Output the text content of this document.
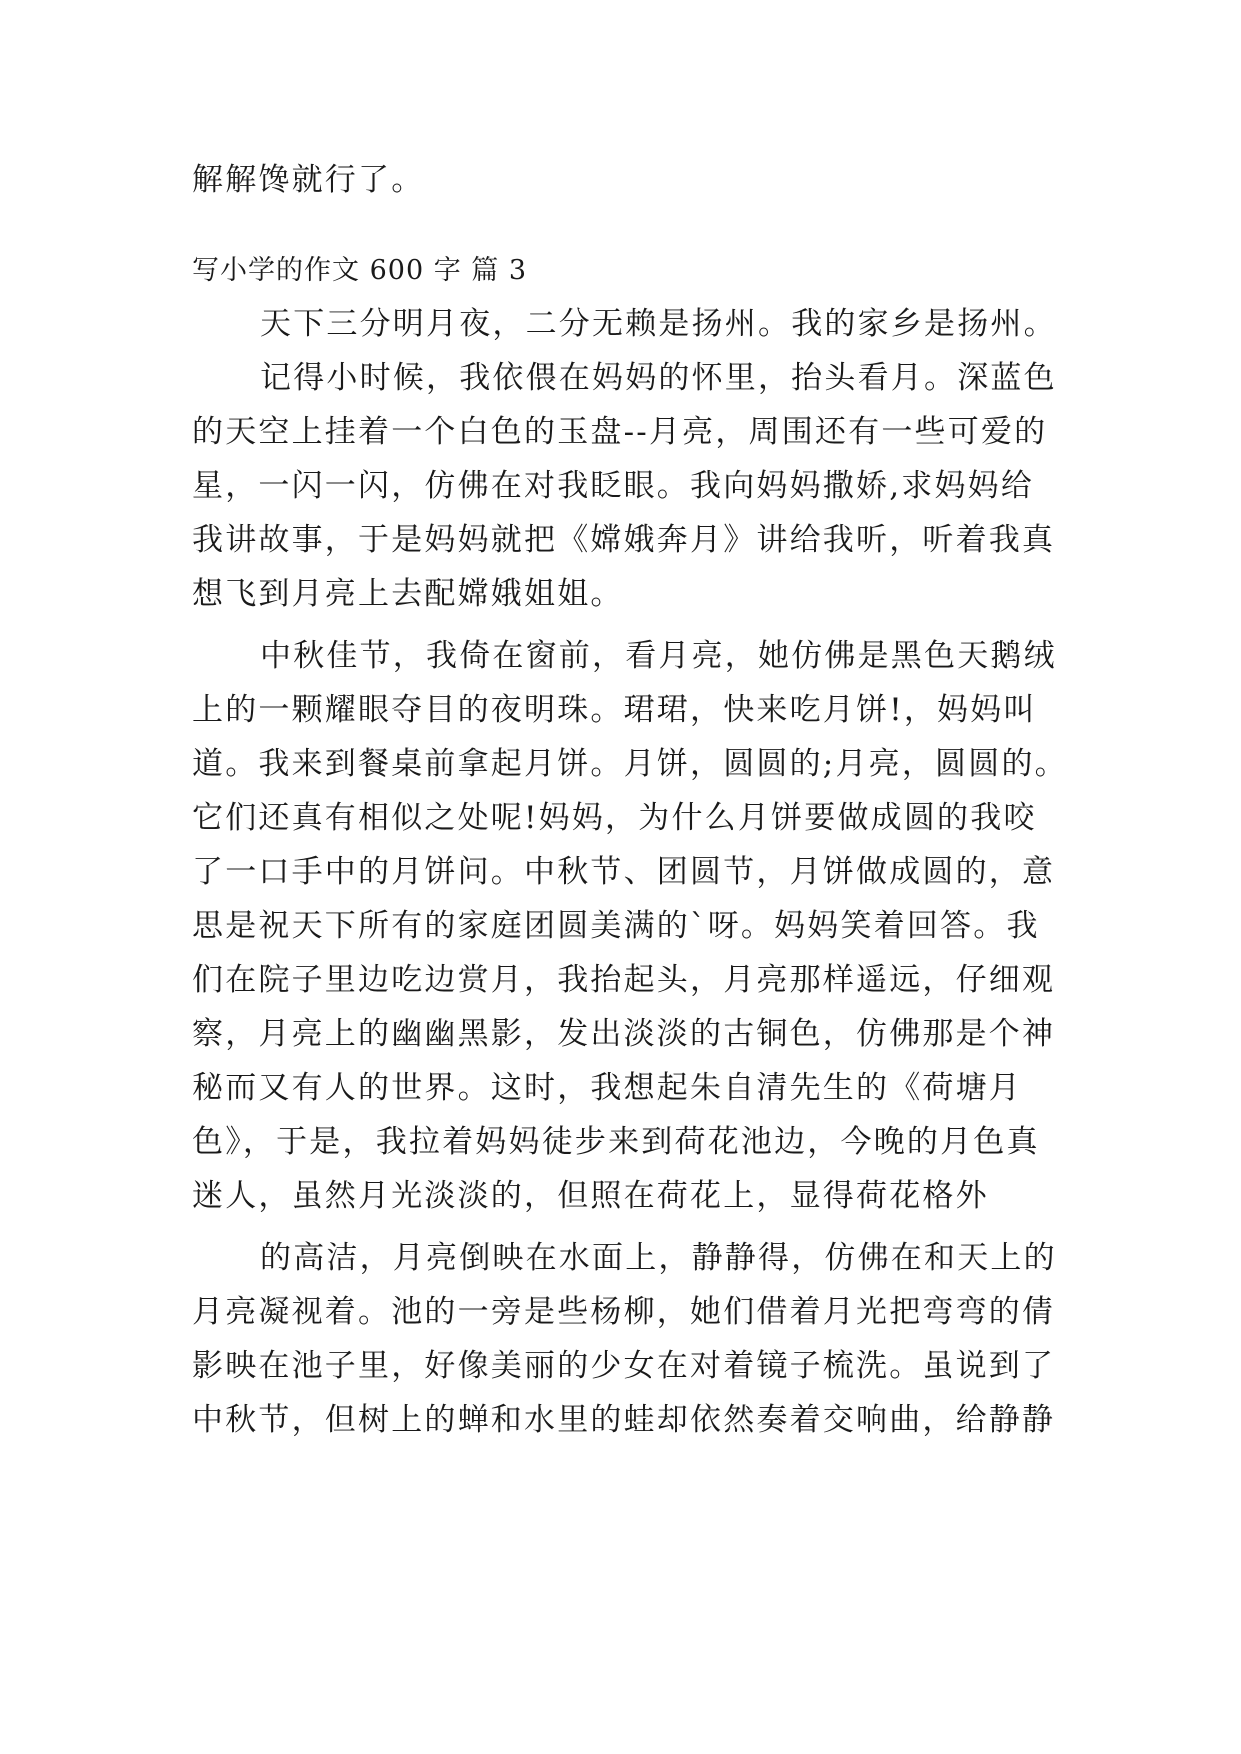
解解馋就行了。
写小学的作文 600 字 篇 3
天下三分明月夜，二分无赖是扬州。我的家乡是扬州。
记得小时候，我依偎在妈妈的怀里，抬头看月。深蓝色
的天空上挂着一个白色的玉盘--月亮，周围还有一些可爱的
星，一闪一闪，仿佛在对我眨眼。我向妈妈撒娇,求妈妈给
我讲故事，于是妈妈就把《嫦娥奔月》讲给我听，听着我真
想飞到月亮上去配嫦娥姐姐。
中秋佳节，我倚在窗前，看月亮，她仿佛是黑色天鹅绒
上的一颗耀眼夺目的夜明珠。珺珺，快来吃月饼!，妈妈叫
道。我来到餐桌前拿起月饼。月饼，圆圆的;月亮，圆圆的。
它们还真有相似之处呢!妈妈，为什么月饼要做成圆的我咬
了一口手中的月饼问。中秋节、团圆节，月饼做成圆的，意
思是祝天下所有的家庭团圆美满的`呀。妈妈笑着回答。我
们在院子里边吃边赏月，我抬起头，月亮那样遥远，仔细观
察，月亮上的幽幽黑影，发出淡淡的古铜色，仿佛那是个神
秘而又有人的世界。这时，我想起朱自清先生的《荷塘月
色》，于是，我拉着妈妈徒步来到荷花池边，今晚的月色真
迷人，虽然月光淡淡的，但照在荷花上，显得荷花格外
的高洁，月亮倒映在水面上，静静得，仿佛在和天上的
月亮凝视着。池的一旁是些杨柳，她们借着月光把弯弯的倩
影映在池子里，好像美丽的少女在对着镜子梳洗。虽说到了
中秋节，但树上的蝉和水里的蛙却依然奏着交响曲，给静静
